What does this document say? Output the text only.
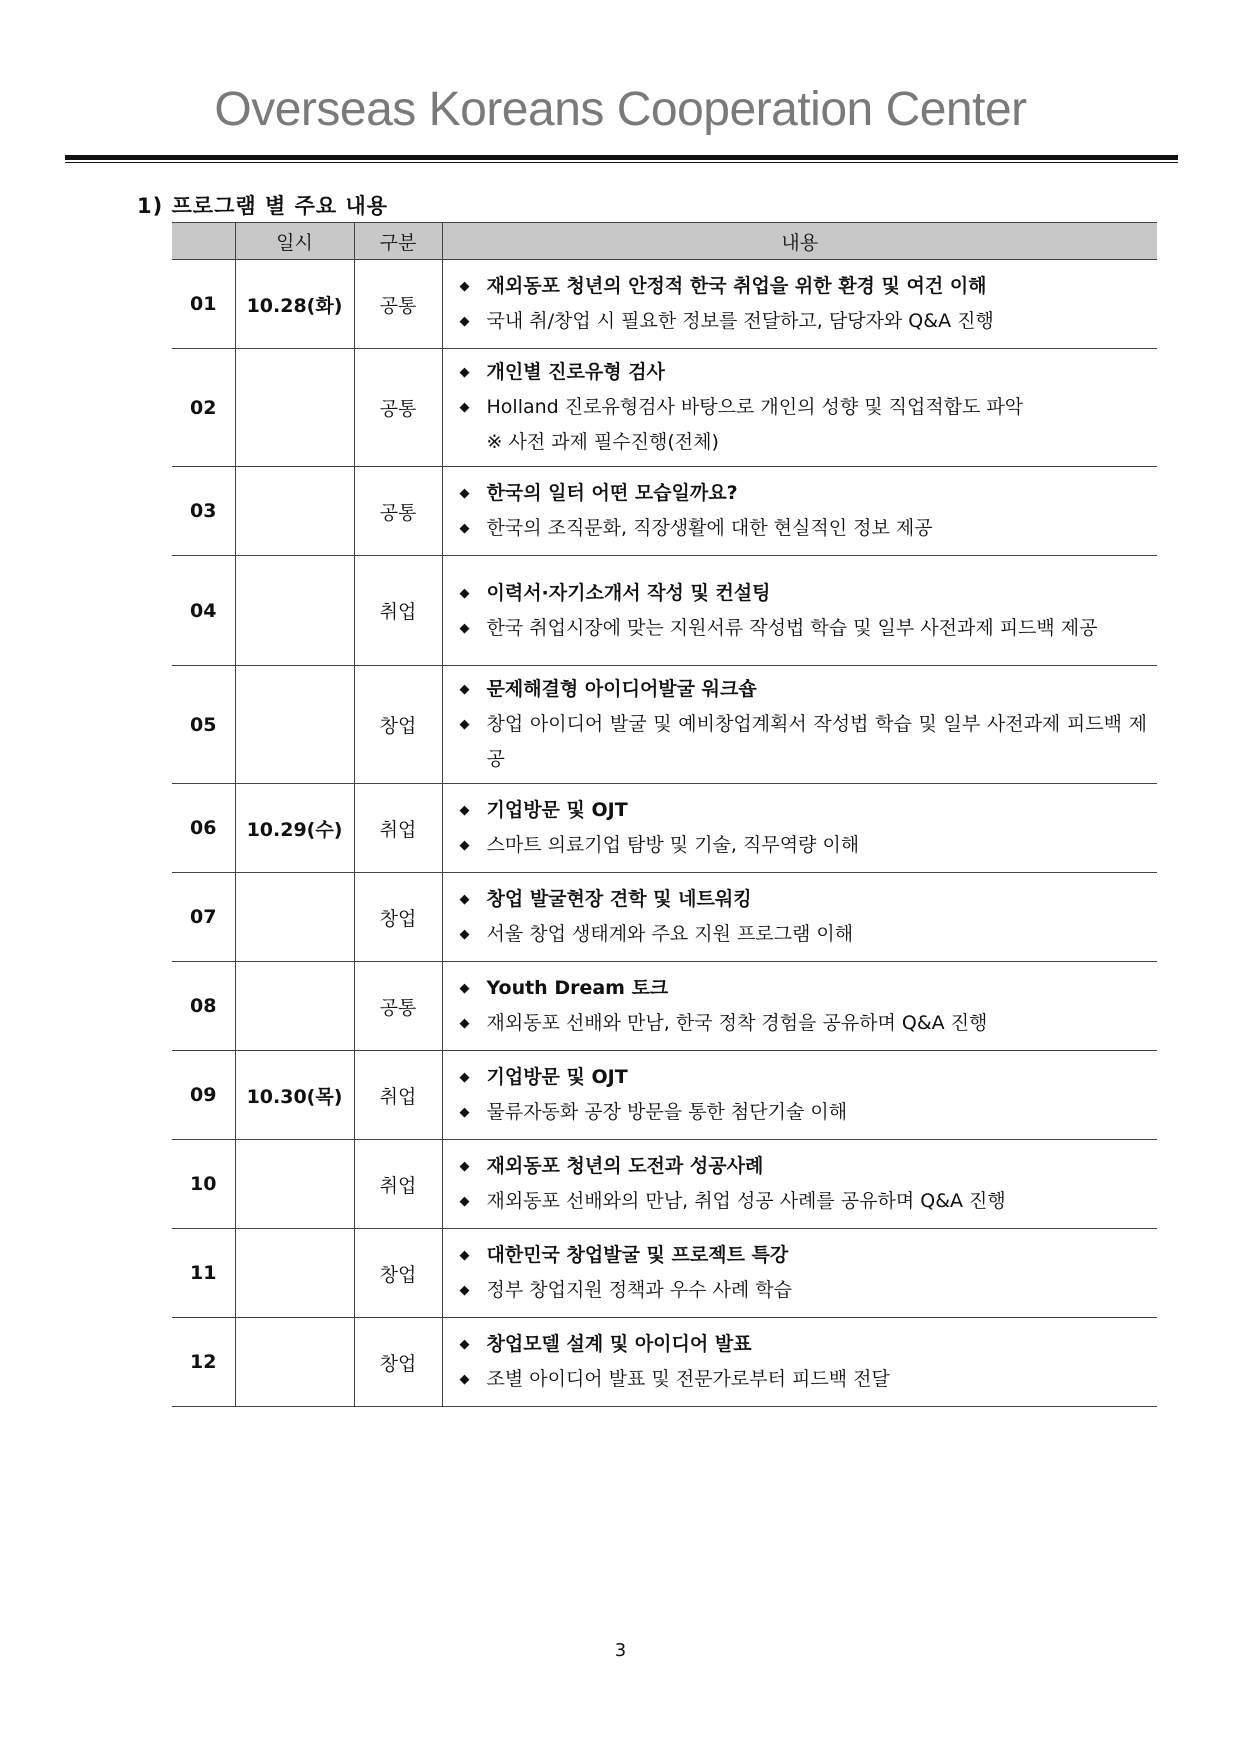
Overseas Koreans Cooperation Center
1) 프로그램 별 주요 내용
	일시	구분	내용
01	10.28(화)	공통	◆ 재외동포 청년의 안정적 한국 취업을 위한 환경 및 여건 이해
◆ 국내 취/창업 시 필요한 정보를 전달하고, 담당자와 Q&A 진행

02		공통	◆ 개인별 진로유형 검사
◆ Holland 진로유형검사 바탕으로 개인의 성향 및 직업적합도 파악
※ 사전 과제 필수진행(전체)

03		공통	◆ 한국의 일터 어떤 모습일까요?
◆ 한국의 조직문화, 직장생활에 대한 현실적인 정보 제공

04		취업	◆ 이력서·자기소개서 작성 및 컨설팅
◆ 한국 취업시장에 맞는 지원서류 작성법 학습 및 일부 사전과제 피드백 제공

05		창업	◆ 문제해결형 아이디어발굴 워크숍
◆ 창업 아이디어 발굴 및 예비창업계획서 작성법 학습 및 일부 사전과제 피드백 제공

06	10.29(수)	취업	◆ 기업방문 및 OJT
◆ 스마트 의료기업 탐방 및 기술, 직무역량 이해

07		창업	◆ 창업 발굴현장 견학 및 네트워킹
◆ 서울 창업 생태계와 주요 지원 프로그램 이해

08		공통	◆ Youth Dream 토크
◆ 재외동포 선배와 만남, 한국 정착 경험을 공유하며 Q&A 진행

09	10.30(목)	취업	◆ 기업방문 및 OJT
◆ 물류자동화 공장 방문을 통한 첨단기술 이해

10		취업	◆ 재외동포 청년의 도전과 성공사례
◆ 재외동포 선배와의 만남, 취업 성공 사례를 공유하며 Q&A 진행

11		창업	◆ 대한민국 창업발굴 및 프로젝트 특강
◆ 정부 창업지원 정책과 우수 사례 학습

12		창업	◆ 창업모델 설계 및 아이디어 발표
◆ 조별 아이디어 발표 및 전문가로부터 피드백 전달
3
